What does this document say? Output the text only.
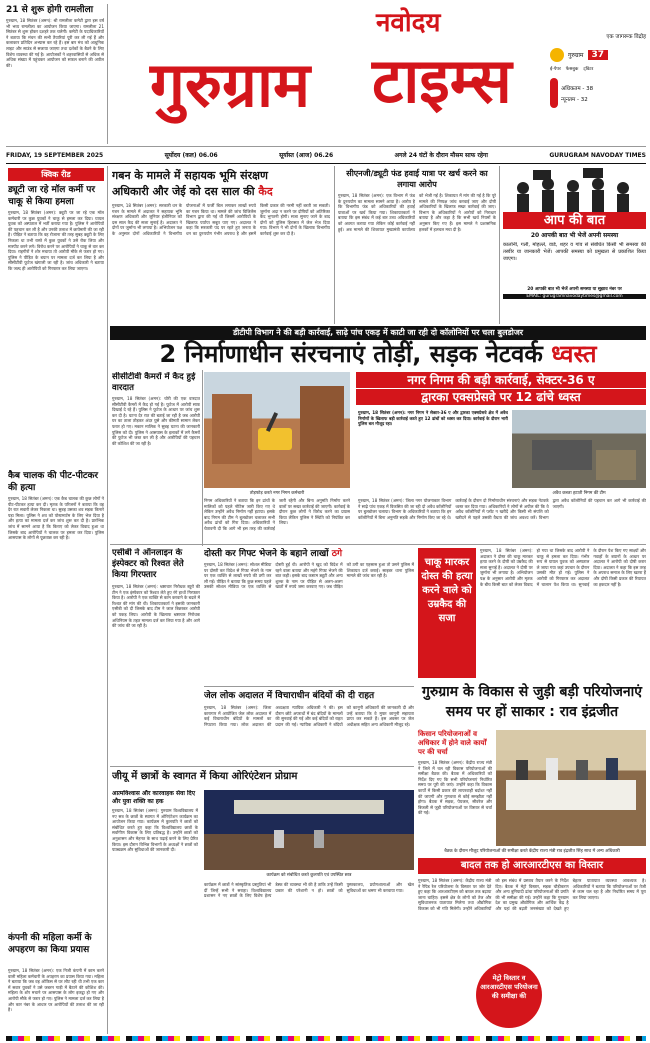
21 से शुरू होगी रामलीला
गुरुग्राम, 18 सितंबर (अमन): श्री रामलीला कमेटी द्वारा इस वर्ष भी भव्य रामलीला का आयोजन किया जाएगा। रामलीला 21 सितंबर से शुरू होकर दशहरे तक चलेगी। कमेटी के पदाधिकारियों ने बताया कि मंचन की सभी तैयारियां पूरी कर ली गई हैं और कलाकार प्रतिदिन अभ्यास कर रहे हैं। इस बार मंच को आधुनिक लाइट और साउंड से सजाया जाएगा तथा दर्शकों के बैठने के लिए विशेष व्यवस्था की गई है। आयोजकों ने शहरवासियों से अधिक से अधिक संख्या में पहुंचकर आयोजन को सफल बनाने की अपील की।
नवोदय
गुरुग्राम टाइम्स
एक जागरूक विद्रोह
गुरुग्राम 37
ई-पेपर फेसबुक ट्विटर
अधिकतम - 38
न्यूनतम - 32
FRIDAY, 19 SEPTEMBER 2025	सूर्योदय (कल) 06.06	सूर्यास्त (आज) 06.26	अगले 24 घंटों के दौरान मौसम साफ रहेगा	GURUGRAM NAVODAY TIMES
क्विक रीड
ड्यूटी जा रहे मॉल कर्मी पर चाकू से किया हमला
गुरुग्राम, 18 सितंबर (अमन): ड्यूटी पर जा रहे एक मॉल कर्मचारी पर कुछ युवकों ने चाकू से हमला कर दिया। घायल युवक को अस्पताल में भर्ती कराया गया है। पुलिस ने आरोपियों की पहचान कर ली है और उनकी तलाश में छापेमारी की जा रही है। पीड़ित ने बताया कि वह रोजाना की तरह सुबह ड्यूटी के लिए निकला था तभी रास्ते में कुछ युवकों ने उसे रोक लिया और मारपीट करने लगे। विरोध करने पर आरोपियों ने चाकू से वार कर दिया। राहगीरों ने शोर मचाया तो आरोपी मौके से फरार हो गए। पुलिस ने पीड़ित के बयान पर मामला दर्ज कर लिया है और सीसीटीवी फुटेज खंगाली जा रही है। जांच अधिकारी ने बताया कि जल्द ही आरोपियों को गिरफ्तार कर लिया जाएगा।
कैब चालक की पीट-पीटकर की हत्या
गुरुग्राम, 18 सितंबर (अमन): एक कैब चालक की कुछ लोगों ने पीट-पीटकर हत्या कर दी। मृतक के परिजनों ने बताया कि वह देर रात सवारी लेकर निकला था। सुबह उसका शव सड़क किनारे पड़ा मिला। पुलिस ने शव को पोस्टमार्टम के लिए भेज दिया है और हत्या का मामला दर्ज कर जांच शुरू कर दी है। प्रारंभिक जांच में सामने आया है कि किराए को लेकर विवाद हुआ था जिसके बाद आरोपियों ने चालक पर हमला कर दिया। पुलिस आसपास के लोगों से पूछताछ कर रही है।
कंपनी की महिला कर्मी के अपहरण का किया प्रयास
गुरुग्राम, 18 सितंबर (अमन): एक निजी कंपनी में काम करने वाली महिला कर्मचारी के अपहरण का प्रयास किया गया। महिला ने बताया कि जब वह ऑफिस से घर लौट रही थी तभी एक कार में सवार युवकों ने उसे जबरन गाड़ी में बैठाने की कोशिश की। महिला के शोर मचाने पर आसपास के लोग इकट्ठा हो गए और आरोपी मौके से फरार हो गए। पुलिस ने मामला दर्ज कर लिया है और कार नंबर के आधार पर आरोपियों की तलाश की जा रही है।
गबन के मामले में सहायक भूमि संरक्षण
अधिकारी और जेई को दस साल की कैद
गुरुग्राम, 18 सितंबर (अमन): सरकारी धन के गबन के मामले में अदालत ने सहायक भूमि संरक्षण अधिकारी और जूनियर इंजीनियर को दस साल कैद की सजा सुनाई है। अदालत ने दोनों पर जुर्माना भी लगाया है। अभियोजन पक्ष के अनुसार दोनों अधिकारियों ने विभागीय योजनाओं में फर्जी बिल लगाकर लाखों रुपये का गबन किया था। मामले की जांच विजिलेंस विभाग द्वारा की गई थी जिसमें आरोपियों के खिलाफ पर्याप्त सबूत पाए गए। अदालत ने कहा कि सरकारी पद पर रहते हुए जनता के धन का दुरुपयोग गंभीर अपराध है और इसमें किसी प्रकार की नरमी नहीं बरती जा सकती। जुर्माना अदा न करने पर दोषियों को अतिरिक्त कैद भुगतनी होगी। सजा सुनाए जाने के बाद दोनों को पुलिस हिरासत में जेल भेज दिया गया। विभाग ने भी दोनों के खिलाफ विभागीय कार्रवाई शुरू कर दी है।
सीएनजी/ड्यूटी फंड हवाई यात्रा पर खर्च करने का लगाया आरोप
गुरुग्राम, 18 सितंबर (अमन): एक विभाग में फंड के दुरुपयोग का मामला सामने आया है। आरोप है कि विभागीय फंड को अधिकारियों की हवाई यात्राओं पर खर्च किया गया। शिकायतकर्ता ने बताया कि इस संबंध में कई बार उच्च अधिकारियों को अवगत कराया गया लेकिन कोई कार्रवाई नहीं हुई। अब मामले की शिकायत मुख्यमंत्री कार्यालय को भेजी गई है। शिकायत में मांग की गई है कि पूरे मामले की निष्पक्ष जांच करवाई जाए और दोषी अधिकारियों के खिलाफ सख्त कार्रवाई की जाए। विभाग के अधिकारियों ने आरोपों को निराधार बताया है और कहा है कि सभी खर्च नियमों के अनुसार किए गए हैं। इस मामले ने प्रशासनिक हलकों में हलचल मचा दी है।
आप की बात
20 आपकी बात भी भेजें अपनी समस्या
कालोनी, गली, मोहल्ले, वार्ड, शहर व गांव से संबंधित किसी भी समस्या की तस्वीर या जानकारी भेजें। आपकी समस्या को प्रमुखता से प्रकाशित किया जाएगा।
20 आपकी बात भी भेजें अपनी समस्या या सुझाव नंबर पर
EMAIL: gurugramnavodaytimes@gmail.com
डीटीपी विभाग ने की बड़ी कार्रवाई, साढ़े पांच एकड़ में काटी जा रही दो कॉलोनियों पर चला बुलडोजर
2 निर्माणाधीन संरचनाएं तोड़ीं, सड़क नेटवर्क ध्वस्त
सीसीटीवी कैमरों में कैद हुई वारदात
गुरुग्राम, 18 सितंबर (अमन): चोरी की एक वारदात सीसीटीवी कैमरों में कैद हो गई है। फुटेज में आरोपी साफ दिखाई दे रहे हैं। पुलिस ने फुटेज के आधार पर जांच शुरू कर दी है। घटना देर रात की बताई जा रही है जब आरोपी घर का ताला तोड़कर अंदर घुसे और कीमती सामान लेकर फरार हो गए। मकान मालिक ने सुबह घटना की जानकारी पुलिस को दी। पुलिस ने आसपास के इलाकों में लगे कैमरों की फुटेज भी जब्त कर ली है और आरोपियों की पहचान की कोशिश की जा रही है।
तोड़फोड़ करते नगर निगम कर्मचारी
निगम अधिकारियों ने बताया कि इन ढांचों के मालिकों को पहले नोटिस जारी किए गए थे लेकिन उन्होंने अवैध निर्माण नहीं हटाया। इसके बाद निगम की टीम ने बुलडोजर चलाकर सभी अवैध ढांचों को गिरा दिया। अधिकारियों ने चेतावनी दी कि आगे भी इस तरह की कार्रवाई जारी रहेगी और बिना अनुमति निर्माण करने वालों पर सख्त कार्रवाई की जाएगी। कार्रवाई के दौरान कुछ लोगों ने विरोध करने का प्रयास किया लेकिन पुलिस ने स्थिति को नियंत्रित कर लिया।
नगर निगम की बड़ी कार्रवाई, सेक्टर-36 ए
द्वारका एक्सप्रेसवे पर 12 ढांचे ध्वस्त
गुरुग्राम, 18 सितंबर (अमन): नगर निगम ने सेक्टर-36 ए और द्वारका एक्सप्रेसवे क्षेत्र में अवैध निर्माणों के खिलाफ बड़ी कार्रवाई करते हुए 12 ढांचों को ध्वस्त कर दिया। कार्रवाई के दौरान भारी पुलिस बल मौजूद रहा।
अवैध कब्जा हटाती निगम की टीम
गुरुग्राम, 18 सितंबर (अमन): जिला नगर योजनाकार विभाग ने साढ़े पांच एकड़ में विकसित की जा रही दो अवैध कॉलोनियों पर बुलडोजर चलाया। विभाग के अधिकारियों ने बताया कि इन कॉलोनियों में बिना अनुमति सड़कें और निर्माण किए जा रहे थे। कार्रवाई के दौरान दो निर्माणाधीन संरचनाएं और सड़क नेटवर्क ध्वस्त कर दिया गया। अधिकारियों ने लोगों से अपील की कि वे अवैध कॉलोनियों में प्लॉट न खरीदें और किसी भी संपत्ति को खरीदने से पहले उसकी वैधता की जांच अवश्य करें। विभाग द्वारा अवैध कॉलोनियों की पहचान कर आगे भी कार्रवाई की जाएगी।
एसीबी ने ऑनलाइन के इंस्पेक्टर को रिश्वत लेते किया गिरफ्तार
गुरुग्राम, 18 सितंबर (अमन): भ्रष्टाचार निरोधक ब्यूरो की टीम ने एक इंस्पेक्टर को रिश्वत लेते हुए रंगे हाथों गिरफ्तार किया है। आरोपी ने एक व्यक्ति से काम करवाने के बदले में रिश्वत की मांग की थी। शिकायतकर्ता ने इसकी जानकारी एसीबी को दी जिसके बाद टीम ने जाल बिछाकर आरोपी को पकड़ लिया। आरोपी के खिलाफ भ्रष्टाचार निरोधक अधिनियम के तहत मामला दर्ज कर लिया गया है और आगे की जांच की जा रही है।
दोस्ती कर गिफ्ट भेजने के बहाने लाखों ठगे
गुरुग्राम, 18 सितंबर (अमन): सोशल मीडिया पर दोस्ती कर विदेश से गिफ्ट भेजने के नाम पर एक व्यक्ति से लाखों रुपये की ठगी कर ली गई। पीड़ित ने बताया कि कुछ समय पहले उसकी सोशल मीडिया पर एक व्यक्ति से दोस्ती हुई थी। आरोपी ने खुद को विदेश में रहने वाला बताया और महंगे गिफ्ट भेजने की बात कही। इसके बाद कस्टम ड्यूटी और अन्य शुल्क के नाम पर पीड़ित से अलग-अलग खातों में रुपये जमा करवाए गए। जब पीड़ित को ठगी का एहसास हुआ तो उसने पुलिस में शिकायत दर्ज कराई। साइबर थाना पुलिस मामले की जांच कर रही है।
चाकू मारकर दोस्त की हत्या करने वाले को उम्रकैद की सजा
गुरुग्राम, 18 सितंबर (अमन): अदालत ने दोस्त की चाकू मारकर हत्या करने के दोषी को उम्रकैद की सजा सुनाई है। अदालत ने दोषी पर जुर्माना भी लगाया है। अभियोजन पक्ष के अनुसार आरोपी और मृतक के बीच किसी बात को लेकर विवाद हो गया था जिसके बाद आरोपी ने चाकू से हमला कर दिया। गंभीर रूप से घायल युवक को अस्पताल ले जाया गया जहां उपचार के दौरान उसकी मौत हो गई। पुलिस ने आरोपी को गिरफ्तार कर अदालत में चालान पेश किया था। सुनवाई के दौरान पेश किए गए साक्ष्यों और गवाहों के बयानों के आधार पर अदालत ने आरोपी को दोषी करार दिया। अदालत ने कहा कि इस तरह के अपराध समाज के लिए खतरा हैं और दोषी किसी प्रकार की रियायत का हकदार नहीं है।
गुरुग्राम के विकास से जुड़ी बड़ी परियोजनाएं
समय पर हों साकार : राव इंद्रजीत
जेल लोक अदालत में विचाराधीन बंदियों की दी राहत
गुरुग्राम, 18 सितंबर (अमन): जिला कारागार में आयोजित जेल लोक अदालत में कई विचाराधीन बंदियों के मामलों का निपटारा किया गया। लोक अदालत की अध्यक्षता न्यायिक अधिकारी ने की। इस दौरान छोटे अपराधों में बंद बंदियों के मामलों की सुनवाई की गई और कई बंदियों को राहत प्रदान की गई। न्यायिक अधिकारी ने बंदियों को कानूनी अधिकारों की जानकारी दी और उन्हें बताया कि वे मुफ्त कानूनी सहायता प्राप्त कर सकते हैं। इस अवसर पर जेल अधीक्षक सहित अन्य अधिकारी मौजूद रहे।
किसान परियोजनाओं व अधिकार में होने वाले कार्यों पर की चर्चा
गुरुग्राम, 18 सितंबर (अमन): केंद्रीय राज्य मंत्री ने जिले में चल रही विकास परियोजनाओं की समीक्षा बैठक की। बैठक में अधिकारियों को निर्देश दिए गए कि सभी परियोजनाएं निर्धारित समय पर पूरी की जाएं। उन्होंने कहा कि विकास कार्यों में किसी प्रकार की लापरवाही बर्दाश्त नहीं की जाएगी और गुणवत्ता से कोई समझौता नहीं होगा। बैठक में सड़क, पेयजल, सीवरेज और बिजली से जुड़ी परियोजनाओं पर विस्तार से चर्चा की गई।
बैठक के दौरान मौजूद परियोजनाओं की समीक्षा करते केंद्रीय राज्य मंत्री राव इंद्रजीत सिंह साथ में अन्य अधिकारी
जीयू में छात्रों के स्वागत में किया ओरिएंटेशन प्रोग्राम
आत्मविश्वास और कारवाहक सेवा दिए और युवा शक्ति का हक
गुरुग्राम, 18 सितंबर (अमन): गुरुग्राम विश्वविद्यालय में नए सत्र के छात्रों के स्वागत में ओरिएंटेशन कार्यक्रम का आयोजन किया गया। कार्यक्रम में कुलपति ने छात्रों को संबोधित करते हुए कहा कि विश्वविद्यालय छात्रों के सर्वांगीण विकास के लिए प्रतिबद्ध है। उन्होंने छात्रों को अनुशासन और मेहनत के साथ पढ़ाई करने के लिए प्रेरित किया। इस दौरान विभिन्न विभागों के अध्यक्षों ने छात्रों को पाठ्यक्रम और सुविधाओं की जानकारी दी।
कार्यक्रम को संबोधित करते कुलपति एवं उपस्थित छात्र
कार्यक्रम में छात्रों ने सांस्कृतिक प्रस्तुतियां भी दीं जिन्हें सभी ने सराहा। विश्वविद्यालय प्रशासन ने नए छात्रों के लिए विशेष हेल्प डेस्क की व्यवस्था भी की है ताकि उन्हें किसी प्रकार की परेशानी न हो। छात्रों को पुस्तकालय, प्रयोगशालाओं और खेल सुविधाओं का भ्रमण भी करवाया गया।
बादल तक हो आरआरटीएस का विस्तार
गुरुग्राम, 18 सितंबर (अमन): केंद्रीय राज्य मंत्री ने रैपिड रेल परियोजना के विस्तार पर जोर देते हुए कहा कि आरआरटीएस को बावल तक बढ़ाया जाना चाहिए। इससे क्षेत्र के लोगों को तेज और सुविधाजनक यातायात मिलेगा तथा औद्योगिक विकास को भी गति मिलेगी। उन्होंने अधिकारियों को इस संबंध में प्रस्ताव तैयार करने के निर्देश दिए। बैठक में मेट्रो विस्तार, सड़क चौड़ीकरण और अन्य बुनियादी ढांचा परियोजनाओं की प्रगति की भी समीक्षा की गई। उन्होंने कहा कि गुरुग्राम देश का प्रमुख औद्योगिक और आर्थिक केंद्र है और यहां की बढ़ती जनसंख्या को देखते हुए बेहतर यातायात व्यवस्था आवश्यक है। अधिकारियों ने बताया कि परियोजनाओं पर तेजी से काम चल रहा है और निर्धारित समय में पूरा कर लिया जाएगा।
मेट्रो विस्तार व आरआरटीएस परियोजना की समीक्षा की
